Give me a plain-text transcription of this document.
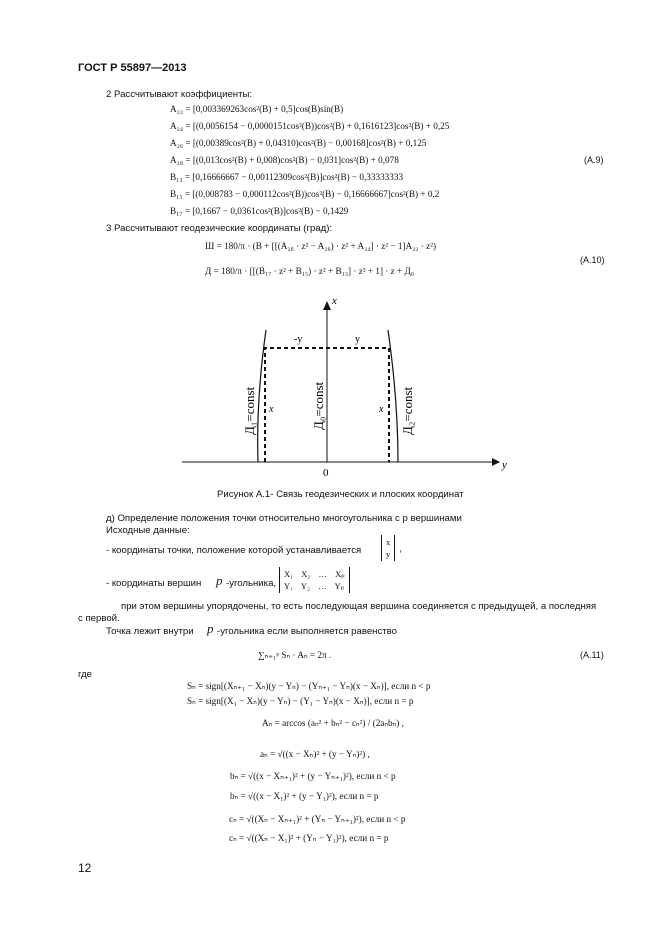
ГОСТ Р 55897—2013
2 Рассчитывают коэффициенты:
A₂₂ = [0,003369263cos²(B) + 0,5]cos(B)sin(B)
A₂₄ = [(0,0056154 − 0,0000151cos²(B))cos²(B) + 0,1616123]cos²(B) + 0,25
A₂₆ = [(0,00389cos²(B) + 0,04310)cos²(B) − 0,00168]cos²(B) + 0,125
A₂₈ = [(0,013cos²(B) + 0,008)cos²(B) − 0,031]cos²(B) + 0,078	(А.9)
B₁₃ = [0,16666667 − 0,00112309cos²(B)]cos²(B) − 0,33333333
B₁₅ = [(0,008783 − 0,000112cos²(B))cos²(B) − 0,16666667]cos²(B) + 0,2
B₁₇ = [0,1667 − 0,0361cos²(B)]cos²(B) − 0,1429
3 Рассчитывают геодезические координаты (град):
Ш = 180/π · (B + [[(A₂₈ · z² − A₂₆) · z² + A₂₄] · z² − 1]A₂₂ · z²)
(А.10)
Д = 180/π · [[(B₁₇ · z² + B₁₅) · z² + B₁₃] · z² + 1] · z + Д₀
x
y
0
-y	y
x	x
Д₁=const	Д₀=const	Д₂=const
Рисунок А.1- Связь геодезических и плоских координат
д) Определение положения точки относительно многоугольника с p вершинами
Исходные данные:
- координаты точки, положение которой устанавливается
x
y ,
- координаты вершин p -угольника,
X₁ X₂ … Xₚ
Y₁ Y₂ … Yₚ
при этом вершины упорядочены, то есть последующая вершина соединяется с предыдущей, а последняя
с первой.
Точка лежит внутри p -угольника если выполняется равенство
∑ₙ₌₁ᵖ Sₙ · Aₙ = 2π .	(А.11)
где
Sₙ = sign[(Xₙ₊₁ − Xₙ)(y − Yₙ) − (Yₙ₊₁ − Yₙ)(x − Xₙ)], если n < p
Sₙ = sign[(X₁ − Xₙ)(y − Yₙ) − (Y₁ − Yₙ)(x − Xₙ)], если n = p
Aₙ = arccos (aₙ² + bₙ² − cₙ²) / (2aₙbₙ) ,
aₙ = √((x − Xₙ)² + (y − Yₙ)²) ,
bₙ = √((x − Xₙ₊₁)² + (y − Yₙ₊₁)²), если n < p
bₙ = √((x − X₁)² + (y − Y₁)²), если n = p
cₙ = √((Xₙ − Xₙ₊₁)² + (Yₙ − Yₙ₊₁)²), если n < p
cₙ = √((Xₙ − X₁)² + (Yₙ − Y₁)²), если n = p
12
